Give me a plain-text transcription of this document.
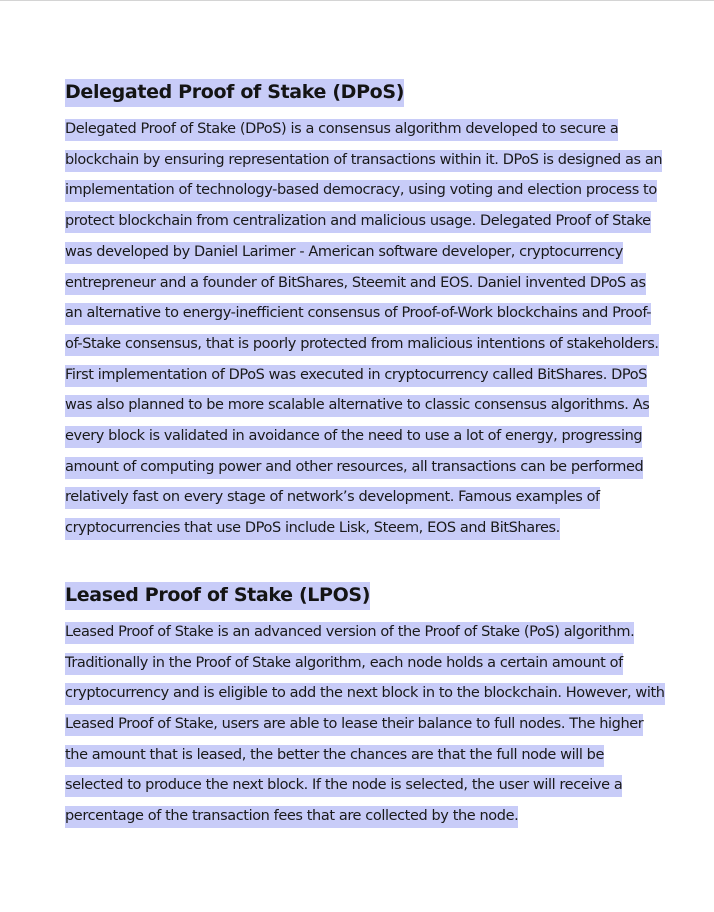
Delegated Proof of Stake (DPoS)

Delegated Proof of Stake (DPoS) is a consensus algorithm developed to secure a blockchain by ensuring representation of transactions within it. DPoS is designed as an implementation of technology-based democracy, using voting and election process to protect blockchain from centralization and malicious usage. Delegated Proof of Stake was developed by Daniel Larimer - American software developer, cryptocurrency entrepreneur and a founder of BitShares, Steemit and EOS. Daniel invented DPoS as an alternative to energy-inefficient consensus of Proof-of-Work blockchains and Proof-of-Stake consensus, that is poorly protected from malicious intentions of stakeholders. First implementation of DPoS was executed in cryptocurrency called BitShares. DPoS was also planned to be more scalable alternative to classic consensus algorithms. As every block is validated in avoidance of the need to use a lot of energy, progressing amount of computing power and other resources, all transactions can be performed relatively fast on every stage of network’s development. Famous examples of cryptocurrencies that use DPoS include Lisk, Steem, EOS and BitShares.

Leased Proof of Stake (LPOS)

Leased Proof of Stake is an advanced version of the Proof of Stake (PoS) algorithm. Traditionally in the Proof of Stake algorithm, each node holds a certain amount of cryptocurrency and is eligible to add the next block in to the blockchain. However, with Leased Proof of Stake, users are able to lease their balance to full nodes. The higher the amount that is leased, the better the chances are that the full node will be selected to produce the next block. If the node is selected, the user will receive a percentage of the transaction fees that are collected by the node.
